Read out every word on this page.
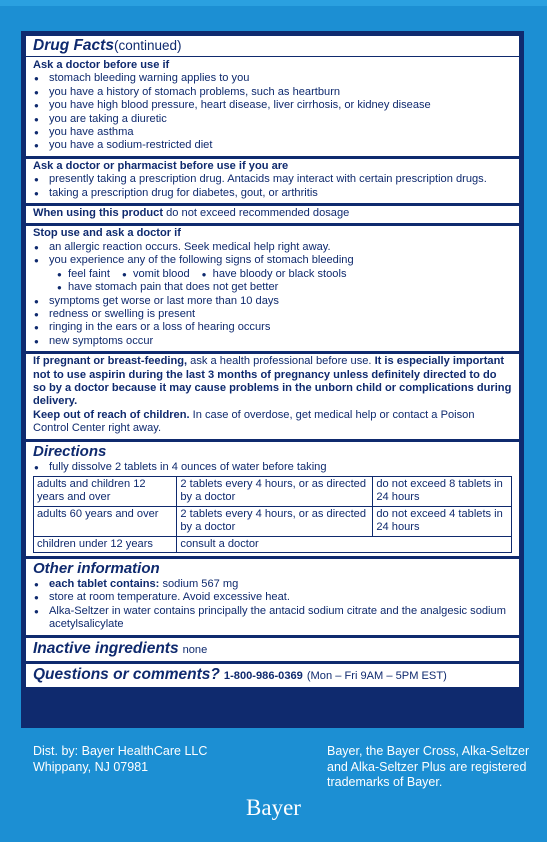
Drug Facts(continued)
Ask a doctor before use if
● stomach bleeding warning applies to you
● you have a history of stomach problems, such as heartburn
● you have high blood pressure, heart disease, liver cirrhosis, or kidney disease
● you are taking a diuretic
● you have asthma
● you have a sodium-restricted diet
Ask a doctor or pharmacist before use if you are
● presently taking a prescription drug. Antacids may interact with certain prescription drugs.
● taking a prescription drug for diabetes, gout, or arthritis
When using this product do not exceed recommended dosage
Stop use and ask a doctor if
● an allergic reaction occurs. Seek medical help right away.
● you experience any of the following signs of stomach bleeding
● feel faint	● vomit blood	● have bloody or black stools
● have stomach pain that does not get better
● symptoms get worse or last more than 10 days
● redness or swelling is present
● ringing in the ears or a loss of hearing occurs
● new symptoms occur
If pregnant or breast-feeding, ask a health professional before use. It is especially important not to use aspirin during the last 3 months of pregnancy unless definitely directed to do so by a doctor because it may cause problems in the unborn child or complications during delivery.
Keep out of reach of children. In case of overdose, get medical help or contact a Poison Control Center right away.
Directions
● fully dissolve 2 tablets in 4 ounces of water before taking
adults and children 12 years and over	2 tablets every 4 hours, or as directed by a doctor	do not exceed 8 tablets in 24 hours
adults 60 years and over	2 tablets every 4 hours, or as directed by a doctor	do not exceed 4 tablets in 24 hours
children under 12 years	consult a doctor	
Other information
● each tablet contains: sodium 567 mg
● store at room temperature. Avoid excessive heat.
● Alka-Seltzer in water contains principally the antacid sodium citrate and the analgesic sodium acetylsalicylate
Inactive ingredients none
Questions or comments? 1-800-986-0369 (Mon – Fri 9AM – 5PM EST)
Dist. by: Bayer HealthCare LLC
Whippany, NJ 07981
Bayer, the Bayer Cross, Alka-Seltzer
and Alka-Seltzer Plus are registered
trademarks of Bayer.
Bayer
